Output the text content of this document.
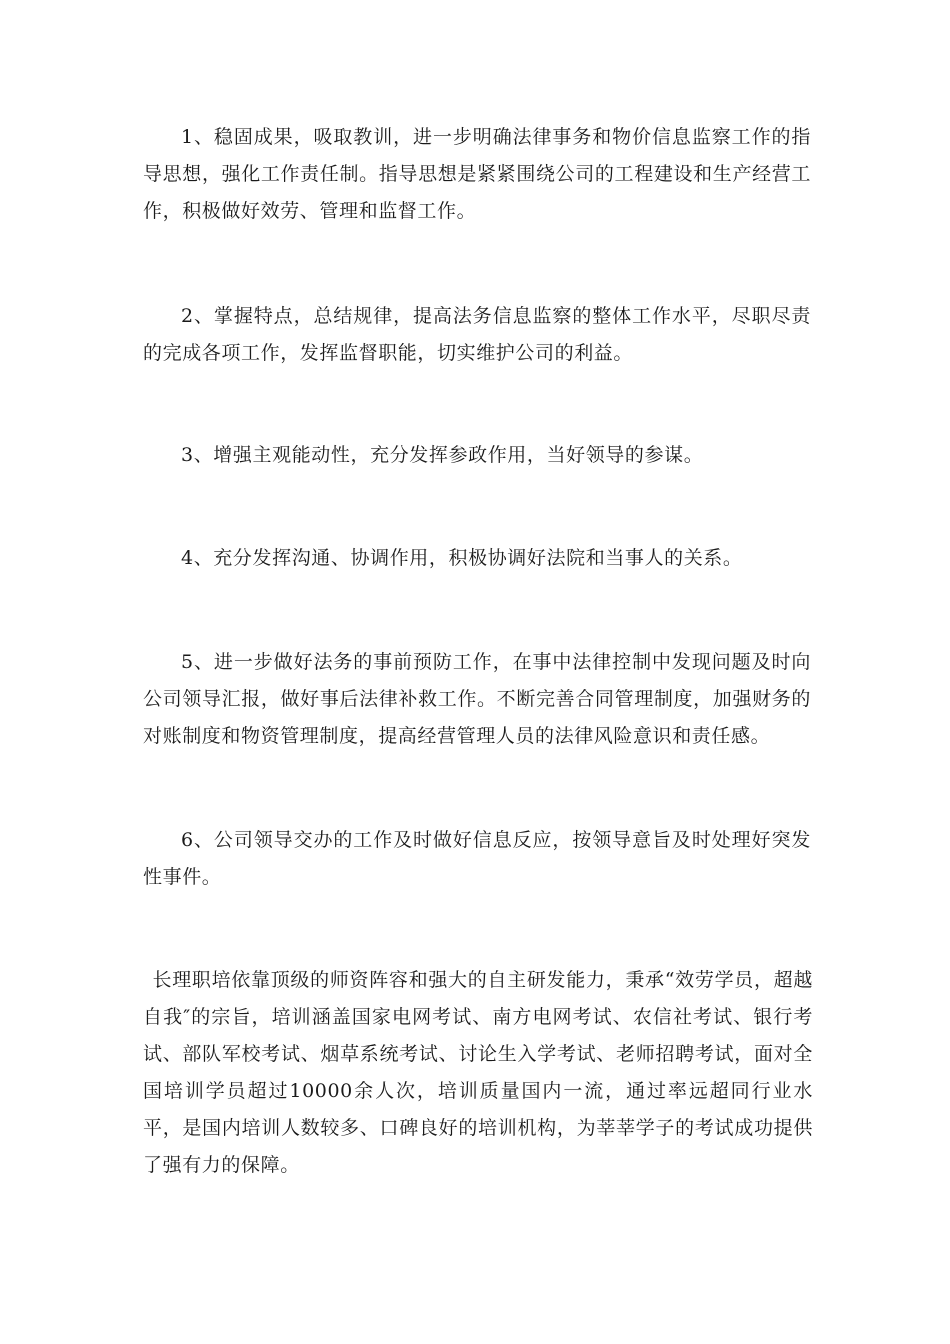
1、稳固成果，吸取教训，进一步明确法律事务和物价信息监察工作的指导思想，强化工作责任制。指导思想是紧紧围绕公司的工程建设和生产经营工作，积极做好效劳、管理和监督工作。

2、掌握特点，总结规律，提高法务信息监察的整体工作水平，尽职尽责的完成各项工作，发挥监督职能，切实维护公司的利益。

3、增强主观能动性，充分发挥参政作用，当好领导的参谋。

4、充分发挥沟通、协调作用，积极协调好法院和当事人的关系。

5、进一步做好法务的事前预防工作，在事中法律控制中发现问题及时向公司领导汇报，做好事后法律补救工作。不断完善合同管理制度，加强财务的对账制度和物资管理制度，提高经营管理人员的法律风险意识和责任感。

6、公司领导交办的工作及时做好信息反应，按领导意旨及时处理好突发性事件。

长理职培依靠顶级的师资阵容和强大的自主研发能力，秉承“效劳学员，超越自我″的宗旨，培训涵盖国家电网考试、南方电网考试、农信社考试、银行考试、部队军校考试、烟草系统考试、讨论生入学考试、老师招聘考试，面对全国培训学员超过10000余人次，培训质量国内一流，通过率远超同行业水平，是国内培训人数较多、口碑良好的培训机构，为莘莘学子的考试成功提供了强有力的保障。
